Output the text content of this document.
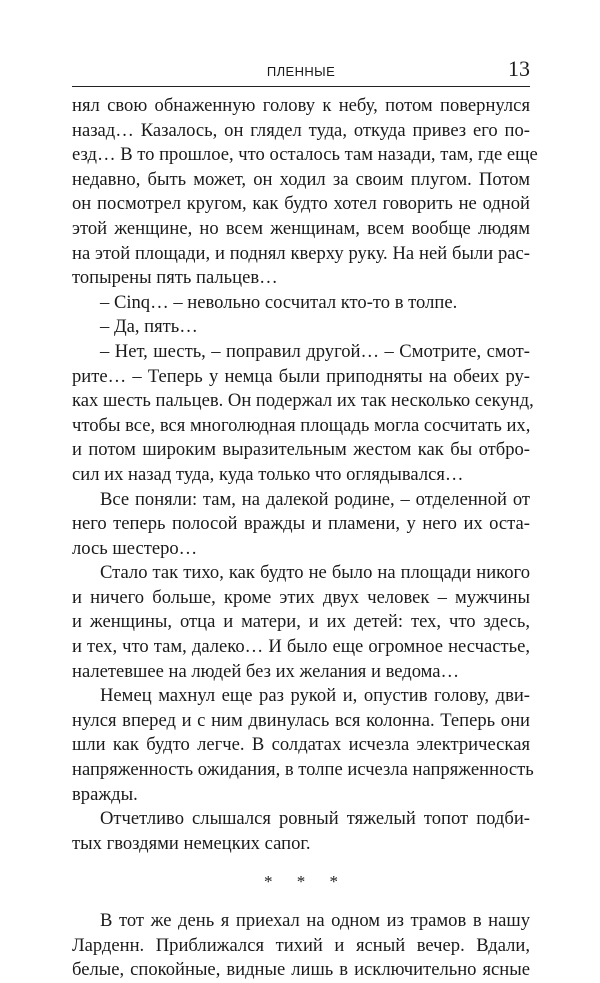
ПЛЕННЫЕ	13
нял свою обнаженную голову к небу, потом повернулся
назад… Казалось, он глядел туда, откуда привез его по-
езд… В то прошлое, что осталось там назади, там, где еще
недавно, быть может, он ходил за своим плугом. Потом
он посмотрел кругом, как будто хотел говорить не одной
этой женщине, но всем женщинам, всем вообще людям
на этой площади, и поднял кверху руку. На ней были рас-
топырены пять пальцев…
– Cinq… – невольно сосчитал кто-то в толпе.
– Да, пять…
– Нет, шесть, – поправил другой… – Смотрите, смот-
рите… – Теперь у немца были приподняты на обеих ру-
ках шесть пальцев. Он подержал их так несколько секунд,
чтобы все, вся многолюдная площадь могла сосчитать их,
и потом широким выразительным жестом как бы отбро-
сил их назад туда, куда только что оглядывался…
Все поняли: там, на далекой родине, – отделенной от
него теперь полосой вражды и пламени, у него их оста-
лось шестеро…
Стало так тихо, как будто не было на площади никого
и ничего больше, кроме этих двух человек – мужчины
и женщины, отца и матери, и их детей: тех, что здесь,
и тех, что там, далеко… И было еще огромное несчастье,
налетевшее на людей без их желания и ведома…
Немец махнул еще раз рукой и, опустив голову, дви-
нулся вперед и с ним двинулась вся колонна. Теперь они
шли как будто легче. В солдатах исчезла электрическая
напряженность ожидания, в толпе исчезла напряженность
вражды.
Отчетливо слышался ровный тяжелый топот подби-
тых гвоздями немецких сапог.
* * *
В тот же день я приехал на одном из трамов в нашу
Ларденн. Приближался тихий и ясный вечер. Вдали,
белые, спокойные, видные лишь в исключительно ясные
